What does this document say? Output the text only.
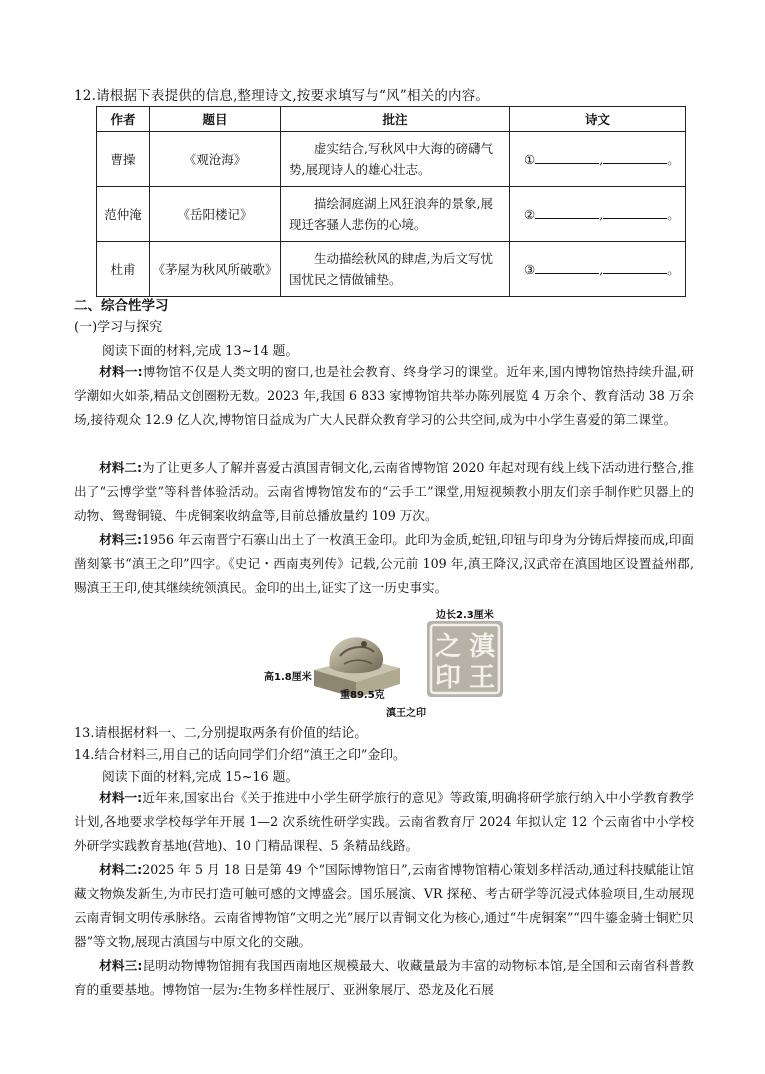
12.请根据下表提供的信息,整理诗文,按要求填写与“风”相关的内容。
作者	题目	批注	诗文
曹操	《观沧海》	虚实结合,写秋风中大海的磅礴气势,展现诗人的雄心壮志。	① , 。
范仲淹	《岳阳楼记》	描绘洞庭湖上风狂浪奔的景象,展现迁客骚人悲伤的心境。	② , 。
杜甫	《茅屋为秋风所破歌》	生动描绘秋风的肆虐,为后文写忧国忧民之情做铺垫。	③ , 。
二、综合性学习
(一)学习与探究
阅读下面的材料,完成 13~14 题。

材料一:博物馆不仅是人类文明的窗口,也是社会教育、终身学习的课堂。近年来,国内博物馆热持续升温,研学潮如火如荼,精品文创圈粉无数。2023 年,我国 6 833 家博物馆共举办陈列展览 4 万余个、教育活动 38 万余场,接待观众 12.9 亿人次,博物馆日益成为广大人民群众教育学习的公共空间,成为中小学生喜爱的第二课堂。

材料二:为了让更多人了解并喜爱古滇国青铜文化,云南省博物馆 2020 年起对现有线上线下活动进行整合,推出了“云博学堂”等科普体验活动。云南省博物馆发布的“云手工”课堂,用短视频教小朋友们亲手制作贮贝器上的动物、鸳鸯铜镜、牛虎铜案收纳盒等,目前总播放量约 109 万次。

材料三:1956 年云南晋宁石寨山出土了一枚滇王金印。此印为金质,蛇钮,印钮与印身为分铸后焊接而成,印面凿刻篆书“滇王之印”四字。《史记・西南夷列传》记载,公元前 109 年,滇王降汉,汉武帝在滇国地区设置益州郡,赐滇王王印,使其继续统领滇民。金印的出土,证实了这一历史事实。

边长2.3厘米
滇
王
之
印
高1.8厘米
重89.5克
滇王之印
13.请根据材料一、二,分别提取两条有价值的结论。
14.结合材料三,用自己的话向同学们介绍“滇王之印”金印。
阅读下面的材料,完成 15~16 题。

材料一:近年来,国家出台《关于推进中小学生研学旅行的意见》等政策,明确将研学旅行纳入中小学教育教学计划,各地要求学校每学年开展 1—2 次系统性研学实践。云南省教育厅 2024 年拟认定 12 个云南省中小学校外研学实践教育基地(营地)、10 门精品课程、5 条精品线路。

材料二:2025 年 5 月 18 日是第 49 个“国际博物馆日”,云南省博物馆精心策划多样活动,通过科技赋能让馆藏文物焕发新生,为市民打造可触可感的文博盛会。国乐展演、VR 探秘、考古研学等沉浸式体验项目,生动展现云南青铜文明传承脉络。云南省博物馆“文明之光”展厅以青铜文化为核心,通过“牛虎铜案”“四牛鎏金骑士铜贮贝器”等文物,展现古滇国与中原文化的交融。

材料三:昆明动物博物馆拥有我国西南地区规模最大、收藏量最为丰富的动物标本馆,是全国和云南省科普教育的重要基地。博物馆一层为:生物多样性展厅、亚洲象展厅、恐龙及化石展
